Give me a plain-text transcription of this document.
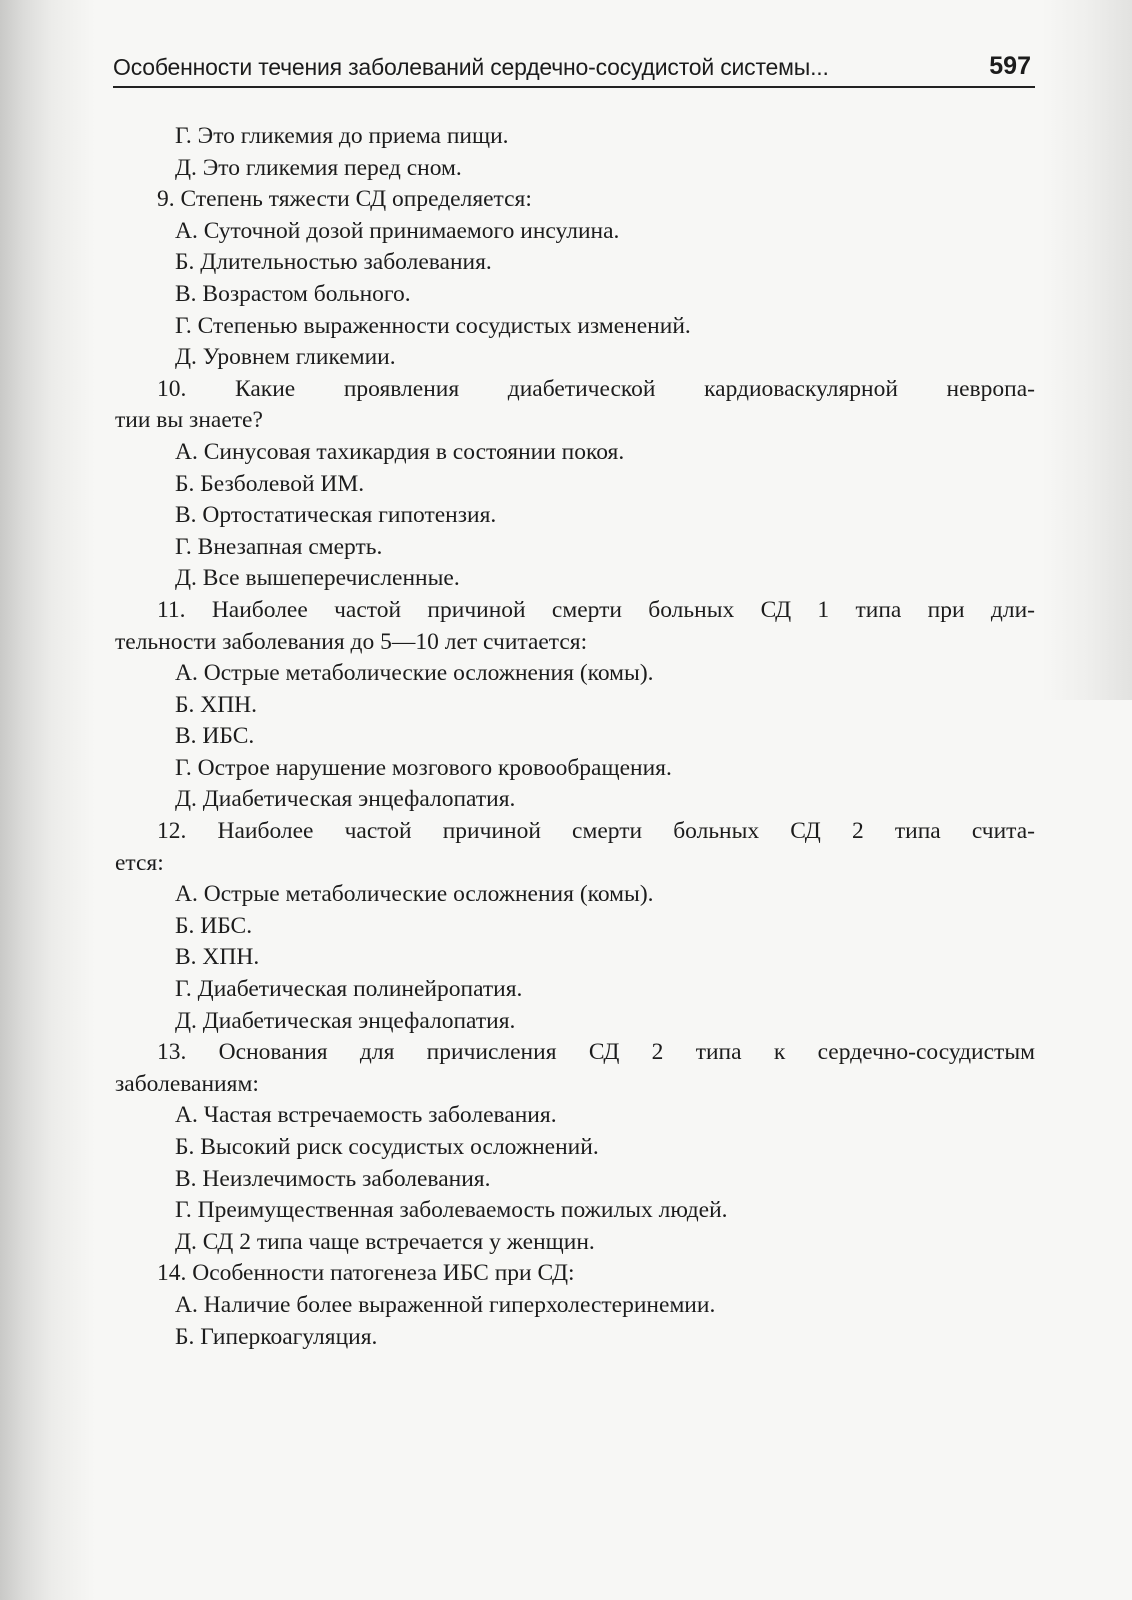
Особенности течения заболеваний сердечно-сосудистой системы...	597
Г. Это гликемия до приема пищи.
Д. Это гликемия перед сном.
9. Степень тяжести СД определяется:
А. Суточной дозой принимаемого инсулина.
Б. Длительностью заболевания.
В. Возрастом больного.
Г. Степенью выраженности сосудистых изменений.
Д. Уровнем гликемии.
10. Какие проявления диабетической кардиоваскулярной невропа-
тии вы знаете?
А. Синусовая тахикардия в состоянии покоя.
Б. Безболевой ИМ.
В. Ортостатическая гипотензия.
Г. Внезапная смерть.
Д. Все вышеперечисленные.
11. Наиболее частой причиной смерти больных СД 1 типа при дли-
тельности заболевания до 5—10 лет считается:
А. Острые метаболические осложнения (комы).
Б. ХПН.
В. ИБС.
Г. Острое нарушение мозгового кровообращения.
Д. Диабетическая энцефалопатия.
12. Наиболее частой причиной смерти больных СД 2 типа счита-
ется:
А. Острые метаболические осложнения (комы).
Б. ИБС.
В. ХПН.
Г. Диабетическая полинейропатия.
Д. Диабетическая энцефалопатия.
13. Основания для причисления СД 2 типа к сердечно-сосудистым
заболеваниям:
А. Частая встречаемость заболевания.
Б. Высокий риск сосудистых осложнений.
В. Неизлечимость заболевания.
Г. Преимущественная заболеваемость пожилых людей.
Д. СД 2 типа чаще встречается у женщин.
14. Особенности патогенеза ИБС при СД:
А. Наличие более выраженной гиперхолестеринемии.
Б. Гиперкоагуляция.
